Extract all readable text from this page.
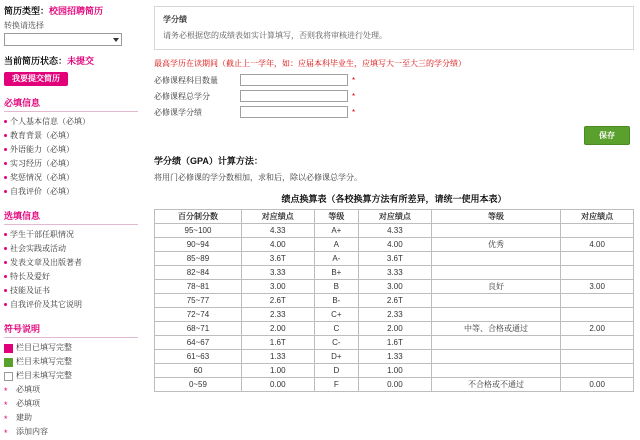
简历类型：校园招聘简历
转换请选择
当前简历状态：未提交
我要提交简历
必填信息
个人基本信息（必填）
教育背景（必填）
外语能力（必填）
实习经历（必填）
奖惩情况（必填）
自我评价（必填）
选填信息
学生干部任职情况
社会实践或活动
发表文章及出版著者
特长及爱好
技能及证书
自我评价及其它说明
符号说明
栏目已填写完整
栏目未填写完整
栏目未填写完整
* 必填项
* 必填项
* 建助
* 添加内容
学分绩
请务必根据您的成绩表如实计算填写，否则我将审核进行处理。
最高学历在读期间（截止上一学年，如：应届本科毕业生，应填写大一至大三的学分绩）
必修课程科目数量	*
必修课程总学分	*
必修课学分绩	*
保存
学分绩（GPA）计算方法：
将用门必修课的学分数相加，求和后，除以必修课总学分。
绩点换算表（各校换算方法有所差异，请统一使用本表）
百分制分数	对应绩点	等级	对应绩点	等级	对应绩点
95~100	4.33	A+	4.33		
90~94	4.00	A	4.00	优秀	4.00
85~89	3.6T	A-	3.6T		
82~84	3.33	B+	3.33		
78~81	3.00	B	3.00	良好	3.00
75~77	2.6T	B-	2.6T		
72~74	2.33	C+	2.33		
68~71	2.00	C	2.00	中等、合格或通过	2.00
64~67	1.6T	C-	1.6T		
61~63	1.33	D+	1.33		
60	1.00	D	1.00		
0~59	0.00	F	0.00	不合格或不通过	0.00
